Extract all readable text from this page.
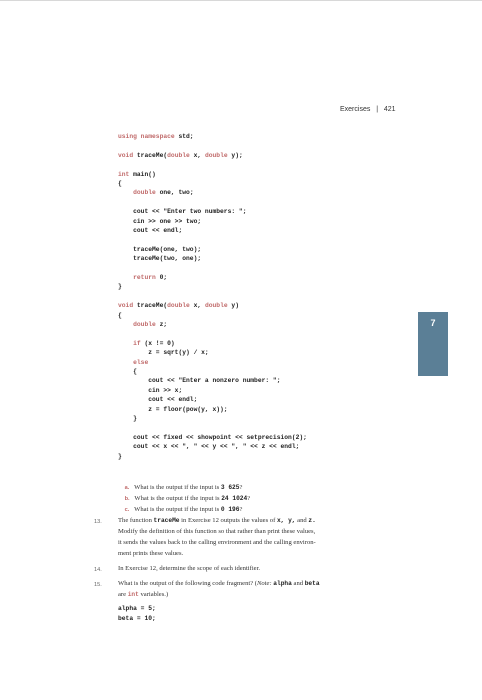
Exercises | 421
using namespace std;
void traceMe(double x, double y);
int main()
{
double one, two;
cout << "Enter two numbers: ";
cin >> one >> two;
cout << endl;
traceMe(one, two);
traceMe(two, one);
return 0;
}
void traceMe(double x, double y)
{
double z;
if (x != 0)
z = sqrt(y) / x;
else
{
cout << "Enter a nonzero number: ";
cin >> x;
cout << endl;
z = floor(pow(y, x));
}
cout << fixed << showpoint << setprecision(2);
cout << x << ", " << y << ", " << z << endl;
}
7

a. What is the output if the input is 3 625?

b. What is the output if the input is 24 1024?

c. What is the output if the input is 0 196?

13. The function traceMe in Exercise 12 outputs the values of x, y, and z.
Modify the definition of this function so that rather than print these values,
it sends the values back to the calling environment and the calling environ-
ment prints these values.
14. In Exercise 12, determine the scope of each identifier.
15. What is the output of the following code fragment? (Note: alpha and beta
are int variables.)
alpha = 5;
beta = 10;
